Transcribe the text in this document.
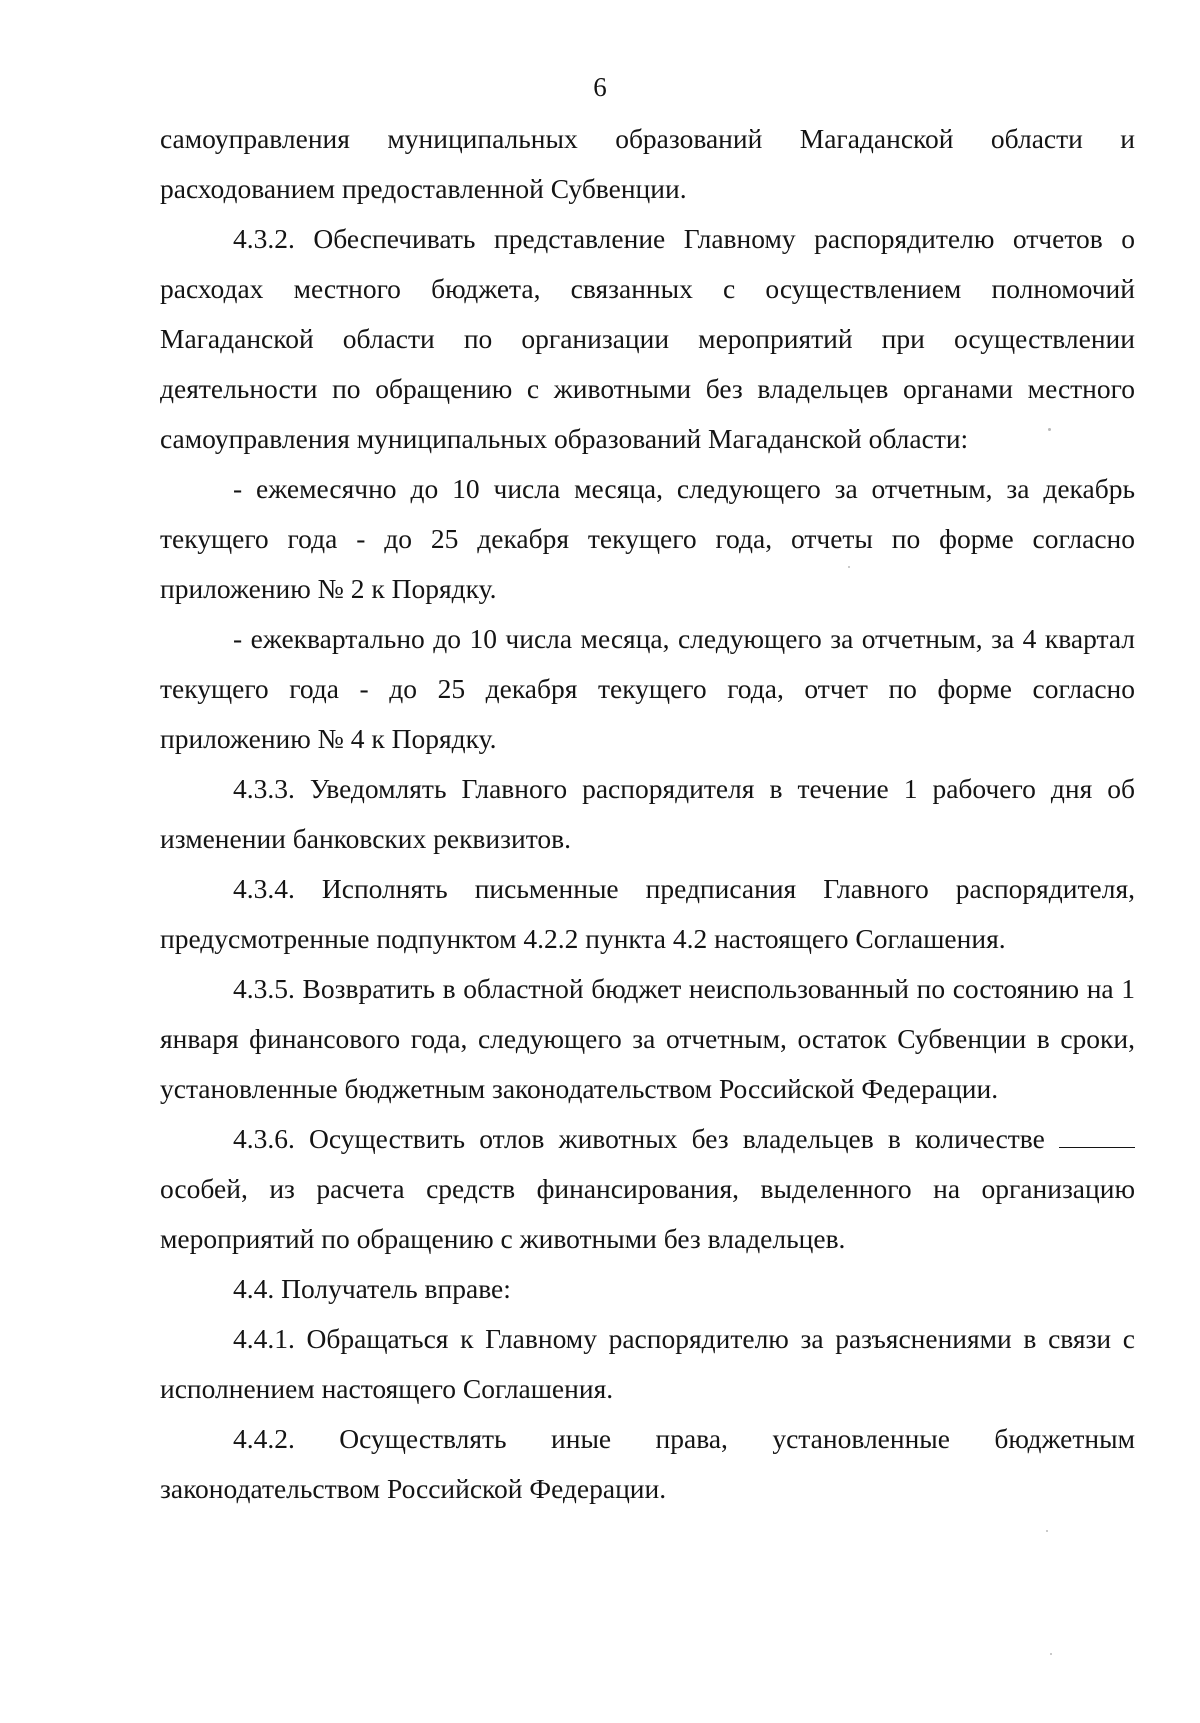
6

самоуправления муниципальных образований Магаданской области и расходованием предоставленной Субвенции.

4.3.2. Обеспечивать представление Главному распорядителю отчетов о расходах местного бюджета, связанных с осуществлением полномочий Магаданской области по организации мероприятий при осуществлении деятельности по обращению с животными без владельцев органами местного самоуправления муниципальных образований Магаданской области:

- ежемесячно до 10 числа месяца, следующего за отчетным, за декабрь текущего года - до 25 декабря текущего года, отчеты по форме согласно приложению № 2 к Порядку.

- ежеквартально до 10 числа месяца, следующего за отчетным, за 4 квартал текущего года - до 25 декабря текущего года, отчет по форме согласно приложению № 4 к Порядку.

4.3.3. Уведомлять Главного распорядителя в течение 1 рабочего дня об изменении банковских реквизитов.

4.3.4. Исполнять письменные предписания Главного распорядителя, предусмотренные подпунктом 4.2.2 пункта 4.2 настоящего Соглашения.

4.3.5. Возвратить в областной бюджет неиспользованный по состоянию на 1 января финансового года, следующего за отчетным, остаток Субвенции в сроки, установленные бюджетным законодательством Российской Федерации.

4.3.6. Осуществить отлов животных без владельцев в количестве  особей, из расчета средств финансирования, выделенного на организацию мероприятий по обращению с животными без владельцев.

4.4. Получатель вправе:

4.4.1. Обращаться к Главному распорядителю за разъяснениями в связи с исполнением настоящего Соглашения.

4.4.2. Осуществлять иные права, установленные бюджетным законодательством Российской Федерации.
